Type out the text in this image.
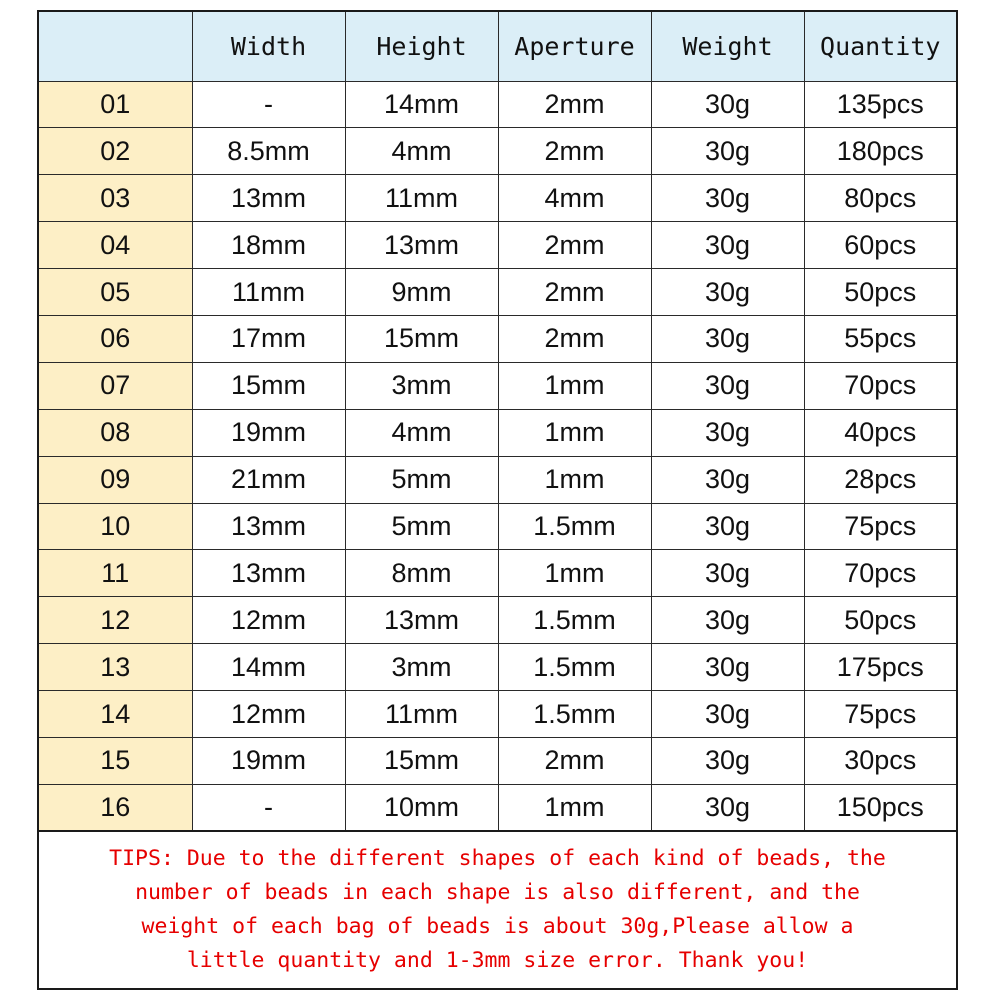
	Width	Height	Aperture	Weight	Quantity
01	-	14mm	2mm	30g	135pcs
02	8.5mm	4mm	2mm	30g	180pcs
03	13mm	11mm	4mm	30g	80pcs
04	18mm	13mm	2mm	30g	60pcs
05	11mm	9mm	2mm	30g	50pcs
06	17mm	15mm	2mm	30g	55pcs
07	15mm	3mm	1mm	30g	70pcs
08	19mm	4mm	1mm	30g	40pcs
09	21mm	5mm	1mm	30g	28pcs
10	13mm	5mm	1.5mm	30g	75pcs
11	13mm	8mm	1mm	30g	70pcs
12	12mm	13mm	1.5mm	30g	50pcs
13	14mm	3mm	1.5mm	30g	175pcs
14	12mm	11mm	1.5mm	30g	75pcs
15	19mm	15mm	2mm	30g	30pcs
16	-	10mm	1mm	30g	150pcs
TIPS: Due to the different shapes of each kind of beads, the
number of beads in each shape is also different, and the
weight of each bag of beads is about 30g,Please allow a
little quantity and 1-3mm size error. Thank you!
